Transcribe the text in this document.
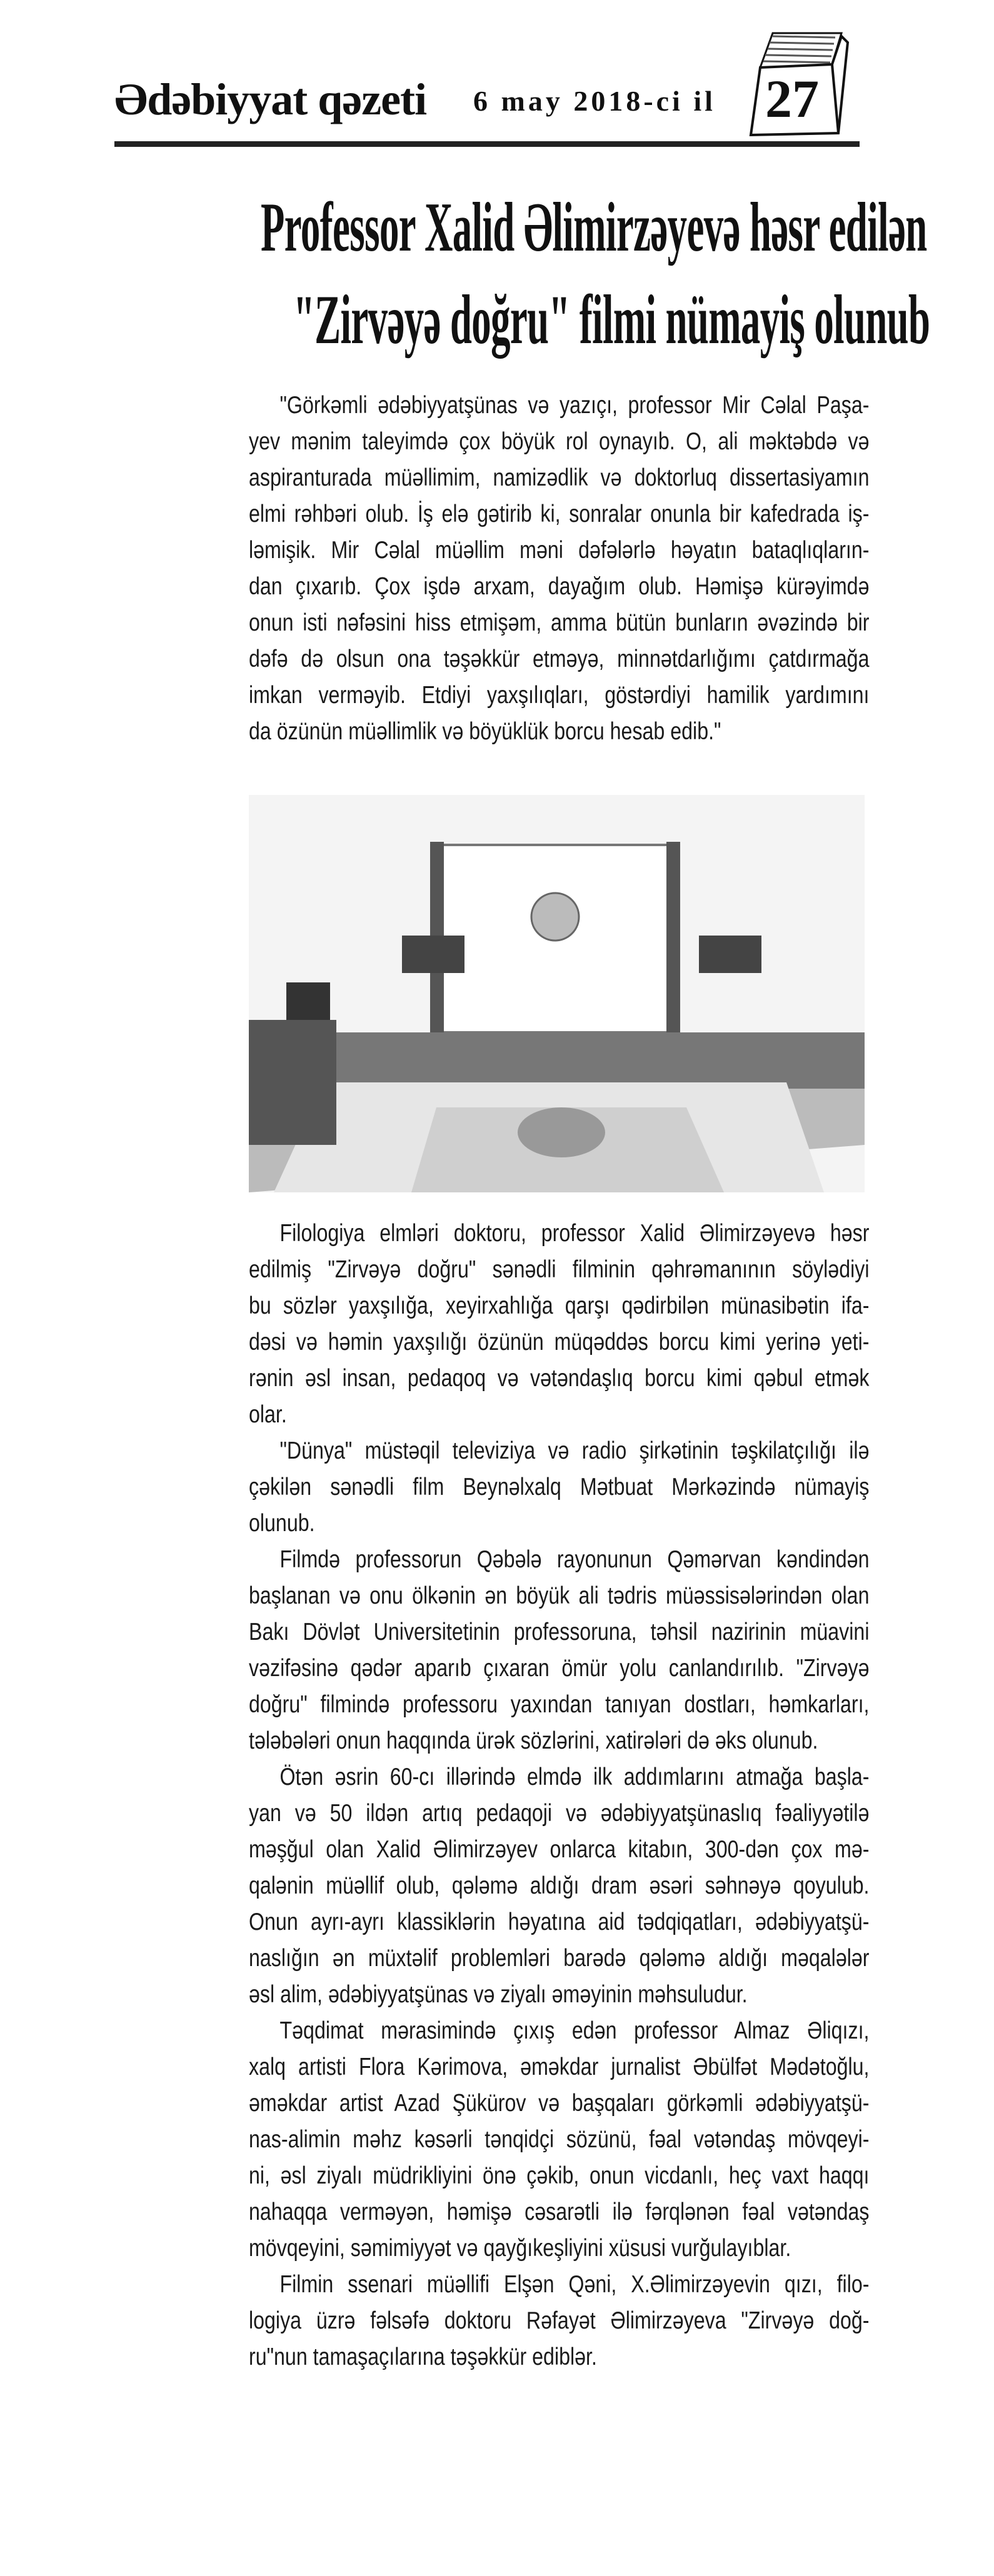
Ədəbiyyat qəzeti 6 may 2018-ci il 27
Professor Xalid Əlimirzəyevə həsr edilən
"Zirvəyə doğru" filmi nümayiş olunub
"Görkəmli ədəbiyyatşünas və yazıçı, professor Mir Cəlal Paşa-
yev mənim taleyimdə çox böyük rol oynayıb. O, ali məktəbdə və
aspiranturada müəllimim, namizədlik və doktorluq dissertasiyamın
elmi rəhbəri olub. İş elə gətirib ki, sonralar onunla bir kafedrada iş-
ləmişik. Mir Cəlal müəllim məni dəfələrlə həyatın bataqlıqların-
dan çıxarıb. Çox işdə arxam, dayağım olub. Həmişə kürəyimdə
onun isti nəfəsini hiss etmişəm, amma bütün bunların əvəzində bir
dəfə də olsun ona təşəkkür etməyə, minnətdarlığımı çatdırmağa
imkan verməyib. Etdiyi yaxşılıqları, göstərdiyi hamilik yardımını
da özünün müəllimlik və böyüklük borcu hesab edib."
Filologiya elmləri doktoru, professor Xalid Əlimirzəyevə həsr
edilmiş "Zirvəyə doğru" sənədli filminin qəhrəmanının söylədiyi
bu sözlər yaxşılığa, xeyirxahlığa qarşı qədirbilən münasibətin ifa-
dəsi və həmin yaxşılığı özünün müqəddəs borcu kimi yerinə yeti-
rənin əsl insan, pedaqoq və vətəndaşlıq borcu kimi qəbul etmək
olar.
"Dünya" müstəqil televiziya və radio şirkətinin təşkilatçılığı ilə
çəkilən sənədli film Beynəlxalq Mətbuat Mərkəzində nümayiş
olunub.
Filmdə professorun Qəbələ rayonunun Qəmərvan kəndindən
başlanan və onu ölkənin ən böyük ali tədris müəssisələrindən olan
Bakı Dövlət Universitetinin professoruna, təhsil nazirinin müavini
vəzifəsinə qədər aparıb çıxaran ömür yolu canlandırılıb. "Zirvəyə
doğru" filmində professoru yaxından tanıyan dostları, həmkarları,
tələbələri onun haqqında ürək sözlərini, xatirələri də əks olunub.
Ötən əsrin 60-cı illərində elmdə ilk addımlarını atmağa başla-
yan və 50 ildən artıq pedaqoji və ədəbiyyatşünaslıq fəaliyyətilə
məşğul olan Xalid Əlimirzəyev onlarca kitabın, 300-dən çox mə-
qalənin müəllif olub, qələmə aldığı dram əsəri səhnəyə qoyulub.
Onun ayrı-ayrı klassiklərin həyatına aid tədqiqatları, ədəbiyyatşü-
naslığın ən müxtəlif problemləri barədə qələmə aldığı məqalələr
əsl alim, ədəbiyyatşünas və ziyalı əməyinin məhsuludur.
Təqdimat mərasimində çıxış edən professor Almaz Əliqızı,
xalq artisti Flora Kərimova, əməkdar jurnalist Əbülfət Mədətoğlu,
əməkdar artist Azad Şükürov və başqaları görkəmli ədəbiyyatşü-
nas-alimin məhz kəsərli tənqidçi sözünü, fəal vətəndaş mövqeyi-
ni, əsl ziyalı müdrikliyini önə çəkib, onun vicdanlı, heç vaxt haqqı
nahaqqa verməyən, həmişə cəsarətli ilə fərqlənən fəal vətəndaş
mövqeyini, səmimiyyət və qayğıkeşliyini xüsusi vurğulayıblar.
Filmin ssenari müəllifi Elşən Qəni, X.Əlimirzəyevin qızı, filo-
logiya üzrə fəlsəfə doktoru Rəfayət Əlimirzəyeva "Zirvəyə doğ-
ru"nun tamaşaçılarına təşəkkür ediblər.
